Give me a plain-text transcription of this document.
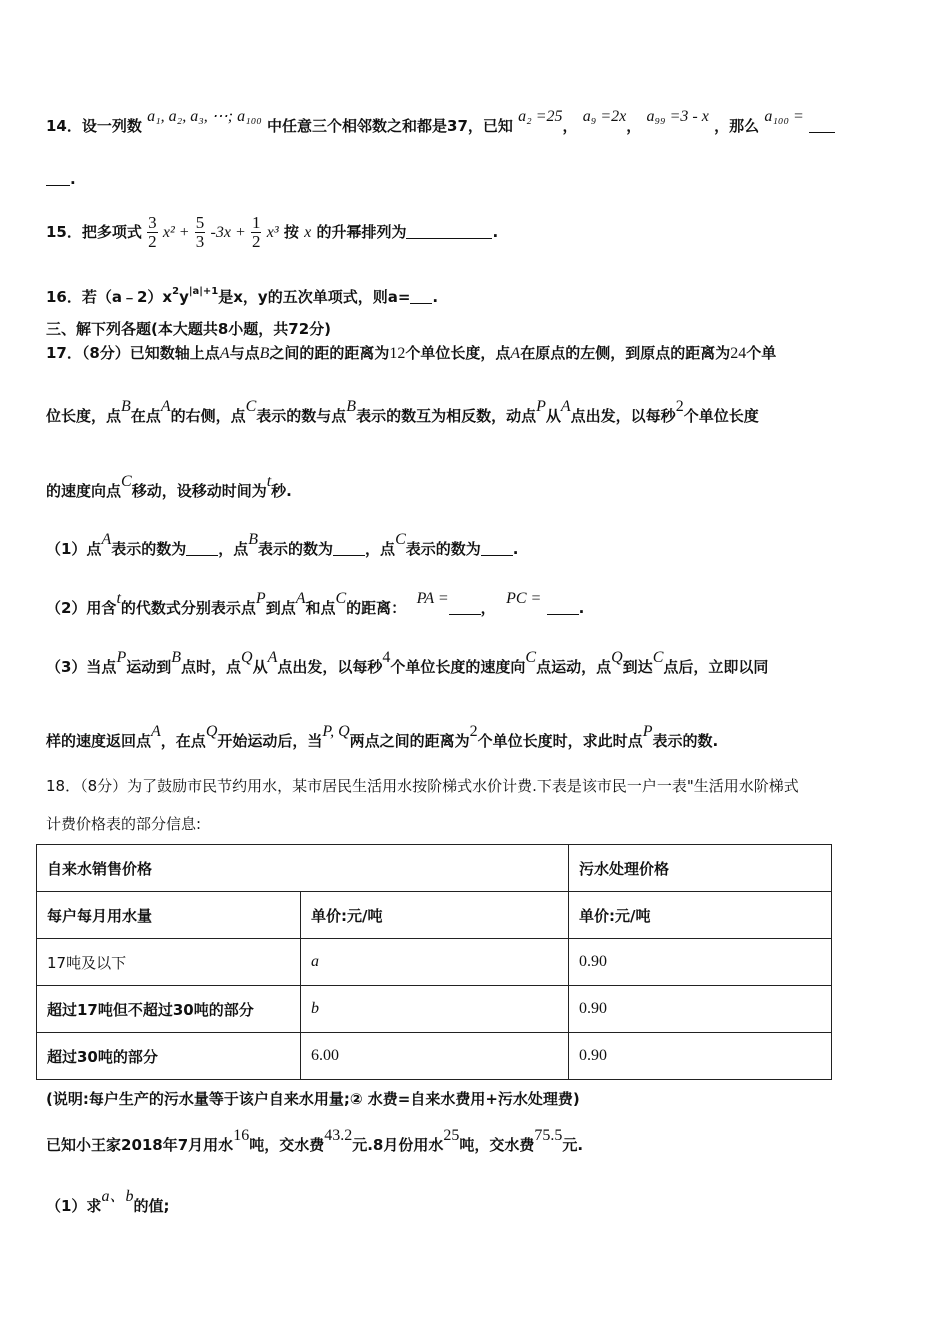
14．设一列数 a₁, a₂, a₃, ⋯; a₁₀₀ 中任意三个相邻数之和都是37，已知 a₂ =25， a₉ =2x， a₉₉ =3 - x ，那么 a₁₀₀ =
.
15．把多项式 $\frac{3}{2} x^2 + \frac{5}{3} -3x + \frac{1}{2} x^3$ 按 x 的升幂排列为	.
16．若$(a﹣2)x^2y^{|a|+1}$是x，y的五次单项式，则a= .
三、解下列各题(本大题共8小题，共72分)
17．（8分）已知数轴上点A与点B之间的距的距离为12个单位长度，点A在原点的左侧，到原点的距离为24个单
位长度，点B在点A的右侧，点C表示的数与点B表示的数互为相反数，动点P从A点出发，以每秒2个单位长度
的速度向点C移动，设移动时间为t秒.
（1）点A表示的数为 ，点B表示的数为 ，点C表示的数为 .
（2）用含t的代数式分别表示点P到点A和点C的距离：  PA =，  PC = .
（3）当点P运动到B点时，点Q从A点出发，以每秒4个单位长度的速度向C点运动，点Q到达C点后，立即以同
样的速度返回点A，在点Q开始运动后，当P, Q两点之间的距离为2个单位长度时，求此时点P表示的数.
18．（8分）为了鼓励市民节约用水，某市居民生活用水按阶梯式水价计费.下表是该市民一户一表"生活用水阶梯式
计费价格表的部分信息:
自来水销售价格		污水处理价格
每户每月用水量	单价:元/吨	单价:元/吨
17吨及以下	a	0.90
超过17吨但不超过30吨的部分	b	0.90
超过30吨的部分	6.00	0.90
(说明:每户生产的污水量等于该户自来水用量;② 水费=自来水费用+污水处理费)
已知小王家2018年7月用水16吨，交水费43.2元.8月份用水25吨，交水费75.5元.
（1）求a、b的值;
